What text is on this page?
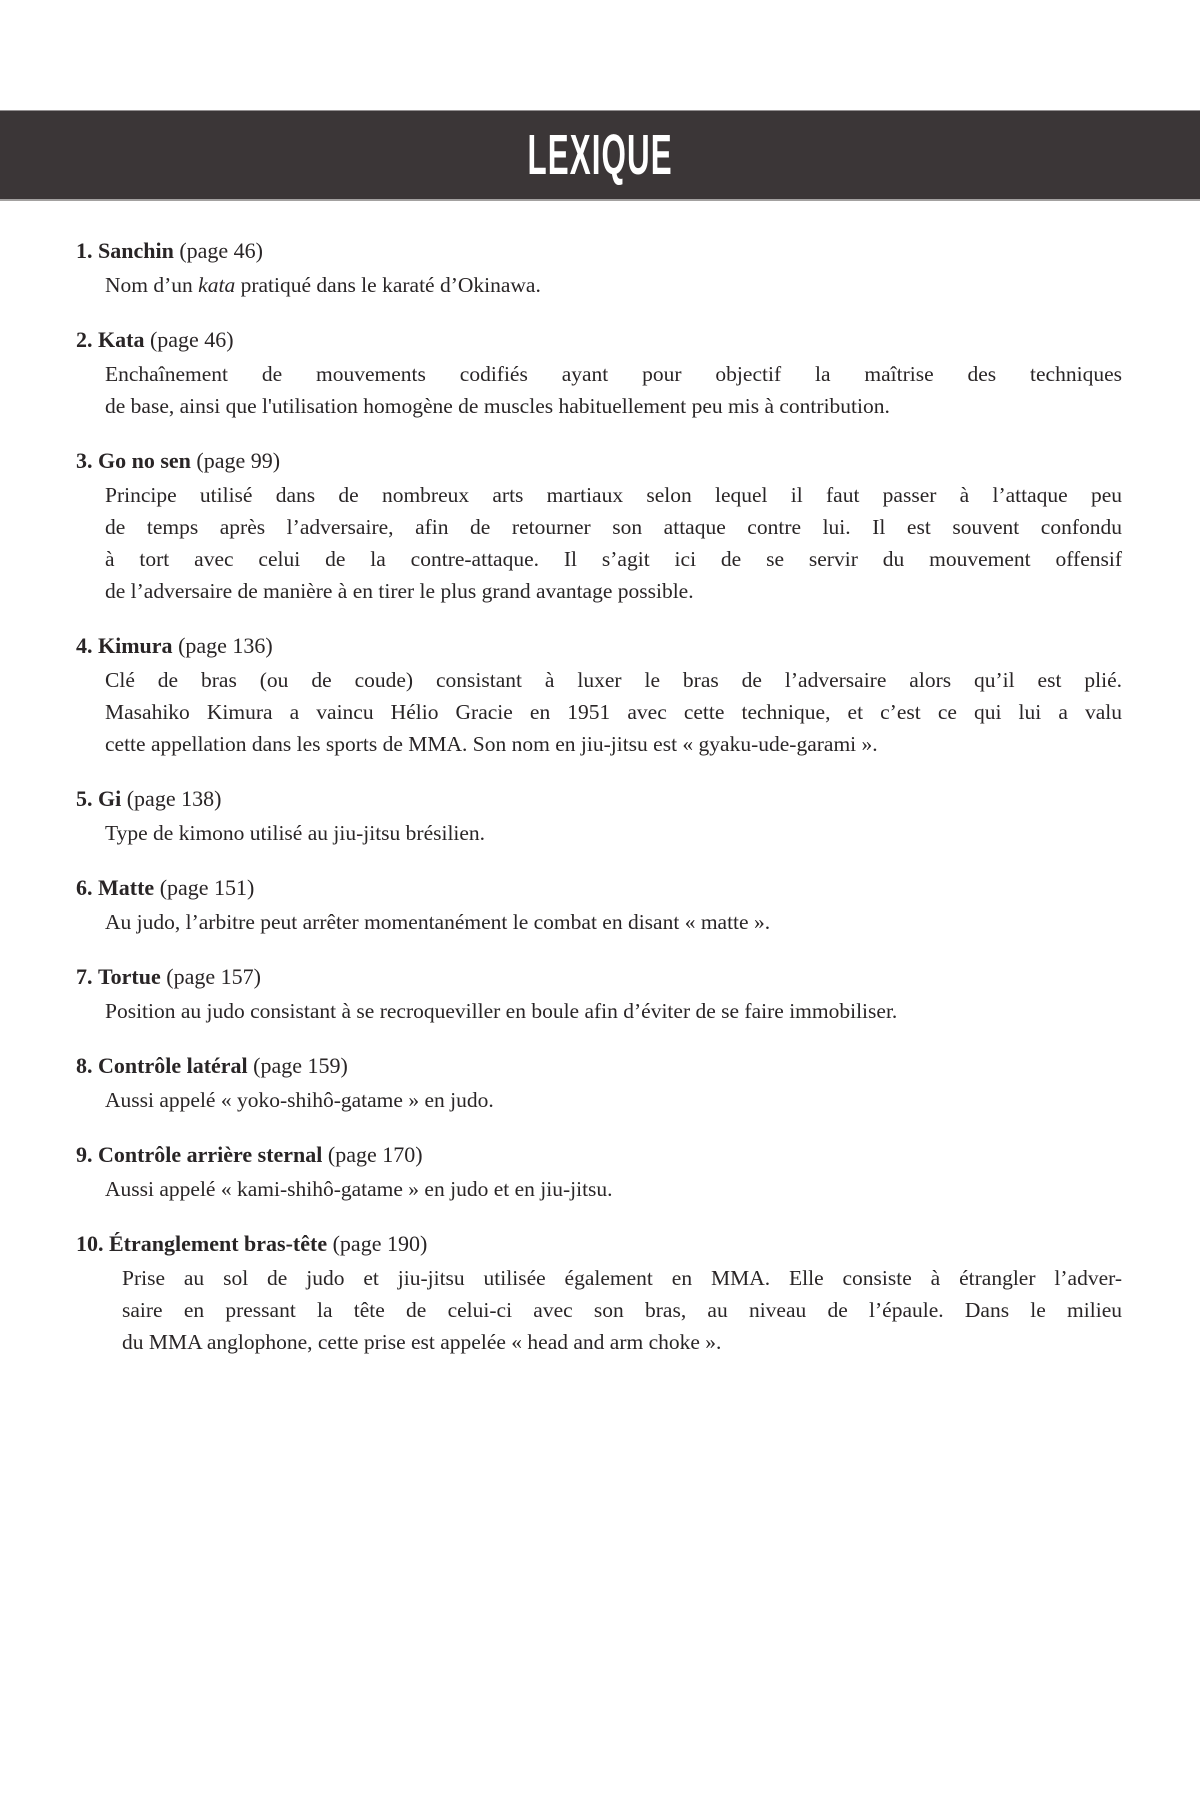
LEXIQUE
1. Sanchin (page 46)
Nom d’un kata pratiqué dans le karaté d’Okinawa.
2. Kata (page 46)
Enchaînement de mouvements codifiés ayant pour objectif la maîtrise des techniques
de base, ainsi que l'utilisation homogène de muscles habituellement peu mis à contribution.
3. Go no sen (page 99)
Principe utilisé dans de nombreux arts martiaux selon lequel il faut passer à l’attaque peu
de temps après l’adversaire, afin de retourner son attaque contre lui. Il est souvent confondu
à tort avec celui de la contre-attaque. Il s’agit ici de se servir du mouvement offensif
de l’adversaire de manière à en tirer le plus grand avantage possible.
4. Kimura (page 136)
Clé de bras (ou de coude) consistant à luxer le bras de l’adversaire alors qu’il est plié.
Masahiko Kimura a vaincu Hélio Gracie en 1951 avec cette technique, et c’est ce qui lui a valu
cette appellation dans les sports de MMA. Son nom en jiu-jitsu est « gyaku-ude-garami ».
5. Gi (page 138)
Type de kimono utilisé au jiu-jitsu brésilien.
6. Matte (page 151)
Au judo, l’arbitre peut arrêter momentanément le combat en disant « matte ».
7. Tortue (page 157)
Position au judo consistant à se recroqueviller en boule afin d’éviter de se faire immobiliser.
8. Contrôle latéral (page 159)
Aussi appelé « yoko-shihô-gatame » en judo.
9. Contrôle arrière sternal (page 170)
Aussi appelé « kami-shihô-gatame » en judo et en jiu-jitsu.
10. Étranglement bras-tête (page 190)
Prise au sol de judo et jiu-jitsu utilisée également en MMA. Elle consiste à étrangler l’adver-
saire en pressant la tête de celui-ci avec son bras, au niveau de l’épaule. Dans le milieu
du MMA anglophone, cette prise est appelée « head and arm choke ».
